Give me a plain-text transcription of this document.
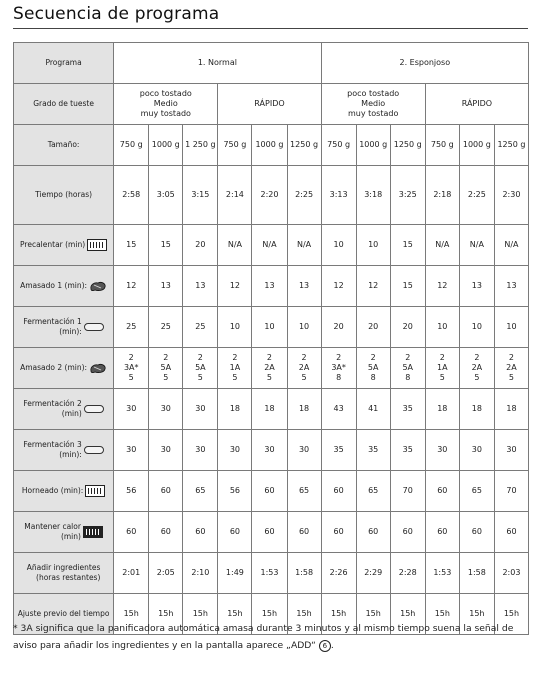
Secuencia de programa
Programa	1. Normal						2. Esponjoso					
Grado de tueste	poco tostado
Medio
muy tostado			RÁPIDO			poco tostado
Medio
muy tostado			RÁPIDO		
Tamaño:	750 g	1000 g	1 250 g	750 g	1000 g	1250 g	750 g	1000 g	1250 g	750 g	1000 g	1250 g

Tiempo (horas)	2:58	3:05	3:15	2:14	2:20	2:25	3:13	3:18	3:25	2:18	2:25	2:30

Precalentar (min)	15	15	20	N/A	N/A	N/A	10	10	15	N/A	N/A	N/A

Amasado 1 (min):	12	13	13	12	13	13	12	12	15	12	13	13

Fermentación 1
(min):	25	25	25	10	10	10	20	20	20	10	10	10

Amasado 2 (min):	2
3A*
5	2
5A
5	2
5A
5	2
1A
5	2
2A
5	2
2A
5	2
3A*
8	2
5A
8	2
5A
8	2
1A
5	2
2A
5	2
2A
5

Fermentación 2
(min)	30	30	30	18	18	18	43	41	35	18	18	18

Fermentación 3
(min):	30	30	30	30	30	30	35	35	35	30	30	30

Horneado (min):	56	60	65	56	60	65	60	65	70	60	65	70

Mantener calor
(min)	60	60	60	60	60	60	60	60	60	60	60	60

Añadir ingredientes
(horas restantes)	2:01	2:05	2:10	1:49	1:53	1:58	2:26	2:29	2:28	1:53	1:58	2:03

Ajuste previo del tiempo	15h	15h	15h	15h	15h	15h	15h	15h	15h	15h	15h	15h
* 3A significa que la panificadora automática amasa durante 3 minutos y al mismo tiempo suena la señal de aviso para añadir los ingredientes y en la pantalla aparece „ADD“ 6 .
